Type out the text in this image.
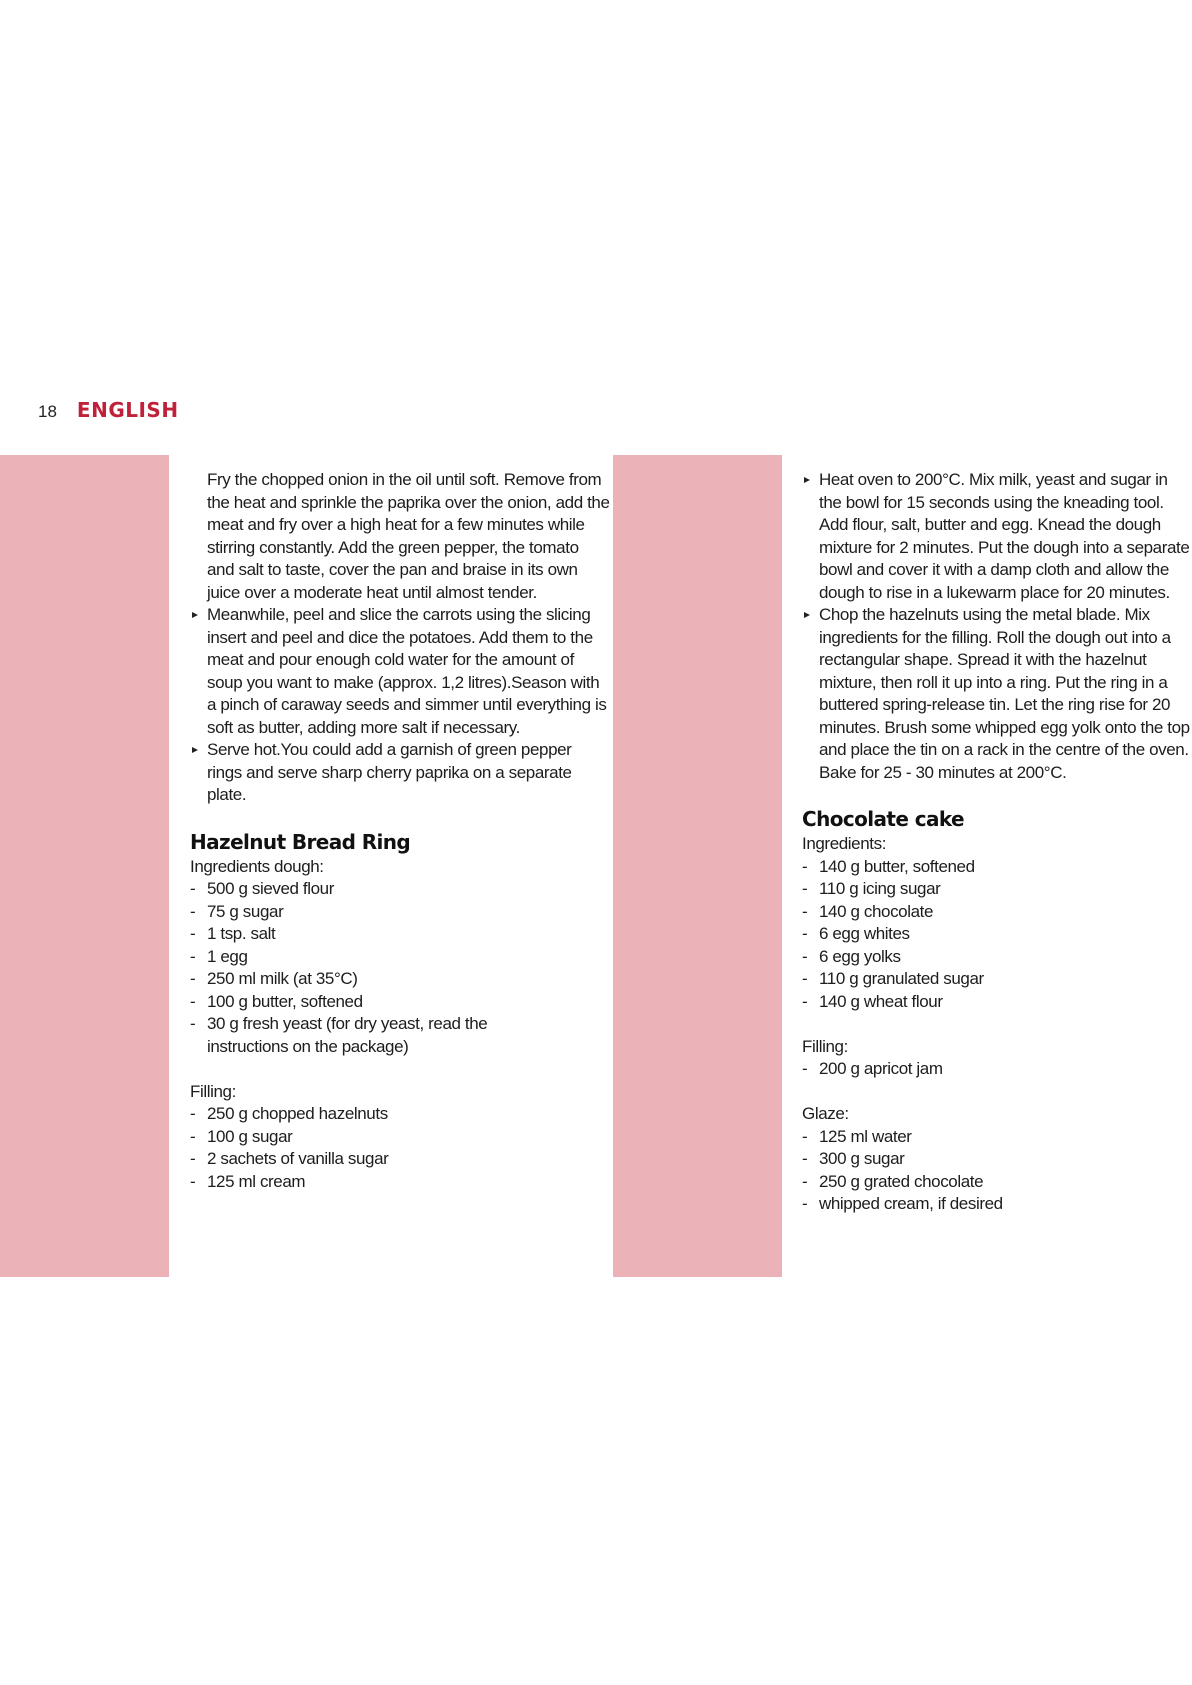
18 ENGLISH

Fry the chopped onion in the oil until soft. Remove from the heat and sprinkle the paprika over the onion, add the meat and fry over a high heat for a few minutes while stirring constantly. Add the green pepper, the tomato and salt to taste, cover the pan and braise in its own juice over a moderate heat until almost tender.

Meanwhile, peel and slice the carrots using the slicing insert and peel and dice the potatoes. Add them to the meat and pour enough cold water for the amount of soup you want to make (approx. 1,2 litres).Season with a pinch of caraway seeds and simmer until everything is soft as butter, adding more salt if necessary.
Serve hot.You could add a garnish of green pepper rings and serve sharp cherry paprika on a separate plate.
Hazelnut Bread Ring

Ingredients dough:

- 500 g sieved flour
- 75 g sugar
- 1 tsp. salt
- 1 egg
- 250 ml milk (at 35°C)
- 100 g butter, softened
- 30 g fresh yeast (for dry yeast, read the instructions on the package)

Filling:

- 250 g chopped hazelnuts
- 100 g sugar
- 2 sachets of vanilla sugar
- 125 ml cream
Heat oven to 200°C. Mix milk, yeast and sugar in the bowl for 15 seconds using the kneading tool. Add flour, salt, butter and egg. Knead the dough mixture for 2 minutes. Put the dough into a separate bowl and cover it with a damp cloth and allow the dough to rise in a lukewarm place for 20 minutes.
Chop the hazelnuts using the metal blade. Mix ingredients for the filling. Roll the dough out into a rectangular shape. Spread it with the hazelnut mixture, then roll it up into a ring. Put the ring in a buttered spring-release tin. Let the ring rise for 20 minutes. Brush some whipped egg yolk onto the top and place the tin on a rack in the centre of the oven. Bake for 25 - 30 minutes at 200°C.
Chocolate cake

Ingredients:

- 140 g butter, softened
- 110 g icing sugar
- 140 g chocolate
- 6 egg whites
- 6 egg yolks
- 110 g granulated sugar
- 140 g wheat flour

Filling:

- 200 g apricot jam

Glaze:

- 125 ml water
- 300 g sugar
- 250 g grated chocolate
- whipped cream, if desired
